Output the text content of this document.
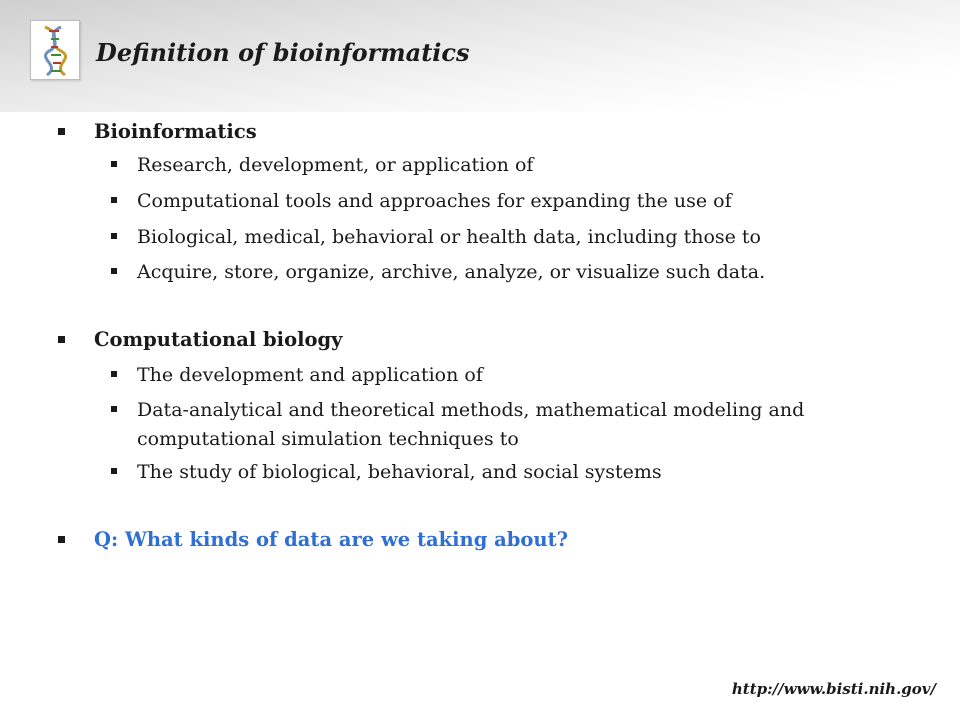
Definition of bioinformatics
Bioinformatics
Research, development, or application of
Computational tools and approaches for expanding the use of
Biological, medical, behavioral or health data, including those to
Acquire, store, organize, archive, analyze, or visualize such data.
Computational biology
The development and application of
Data-analytical and theoretical methods, mathematical modeling and computational simulation techniques to
The study of biological, behavioral, and social systems
Q: What kinds of data are we taking about?
http://www.bisti.nih.gov/
